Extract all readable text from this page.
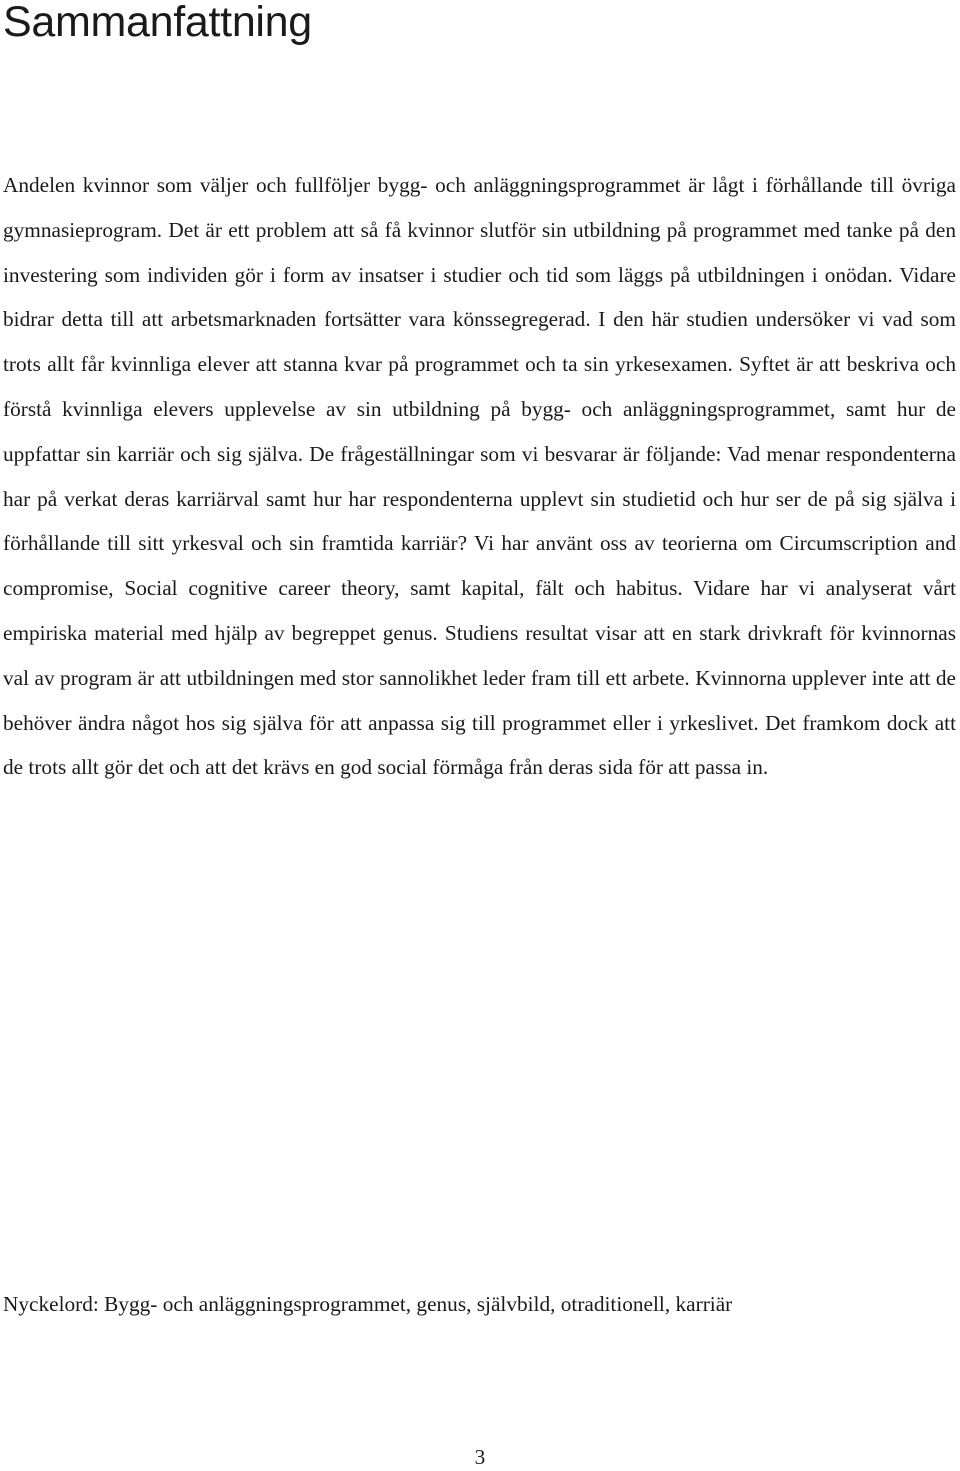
Sammanfattning

Andelen kvinnor som väljer och fullföljer bygg- och anläggningsprogrammet är lågt i förhållande till övriga gymnasieprogram. Det är ett problem att så få kvinnor slutför sin utbildning på programmet med tanke på den investering som individen gör i form av insatser i studier och tid som läggs på utbildningen i onödan. Vidare bidrar detta till att arbetsmarknaden fortsätter vara könssegregerad. I den här studien undersöker vi vad som trots allt får kvinnliga elever att stanna kvar på programmet och ta sin yrkesexamen. Syftet är att beskriva och förstå kvinnliga elevers upplevelse av sin utbildning på bygg- och anläggningsprogrammet, samt hur de uppfattar sin karriär och sig själva. De frågeställningar som vi besvarar är följande: Vad menar respondenterna har på verkat deras karriärval samt hur har respondenterna upplevt sin studietid och hur ser de på sig själva i förhållande till sitt yrkesval och sin framtida karriär? Vi har använt oss av teorierna om Circumscription and compromise, Social cognitive career theory, samt kapital, fält och habitus. Vidare har vi analyserat vårt empiriska material med hjälp av begreppet genus. Studiens resultat visar att en stark drivkraft för kvinnornas val av program är att utbildningen med stor sannolikhet leder fram till ett arbete. Kvinnorna upplever inte att de behöver ändra något hos sig själva för att anpassa sig till programmet eller i yrkeslivet. Det framkom dock att de trots allt gör det och att det krävs en god social förmåga från deras sida för att passa in.

Nyckelord: Bygg- och anläggningsprogrammet, genus, självbild, otraditionell, karriär

3
